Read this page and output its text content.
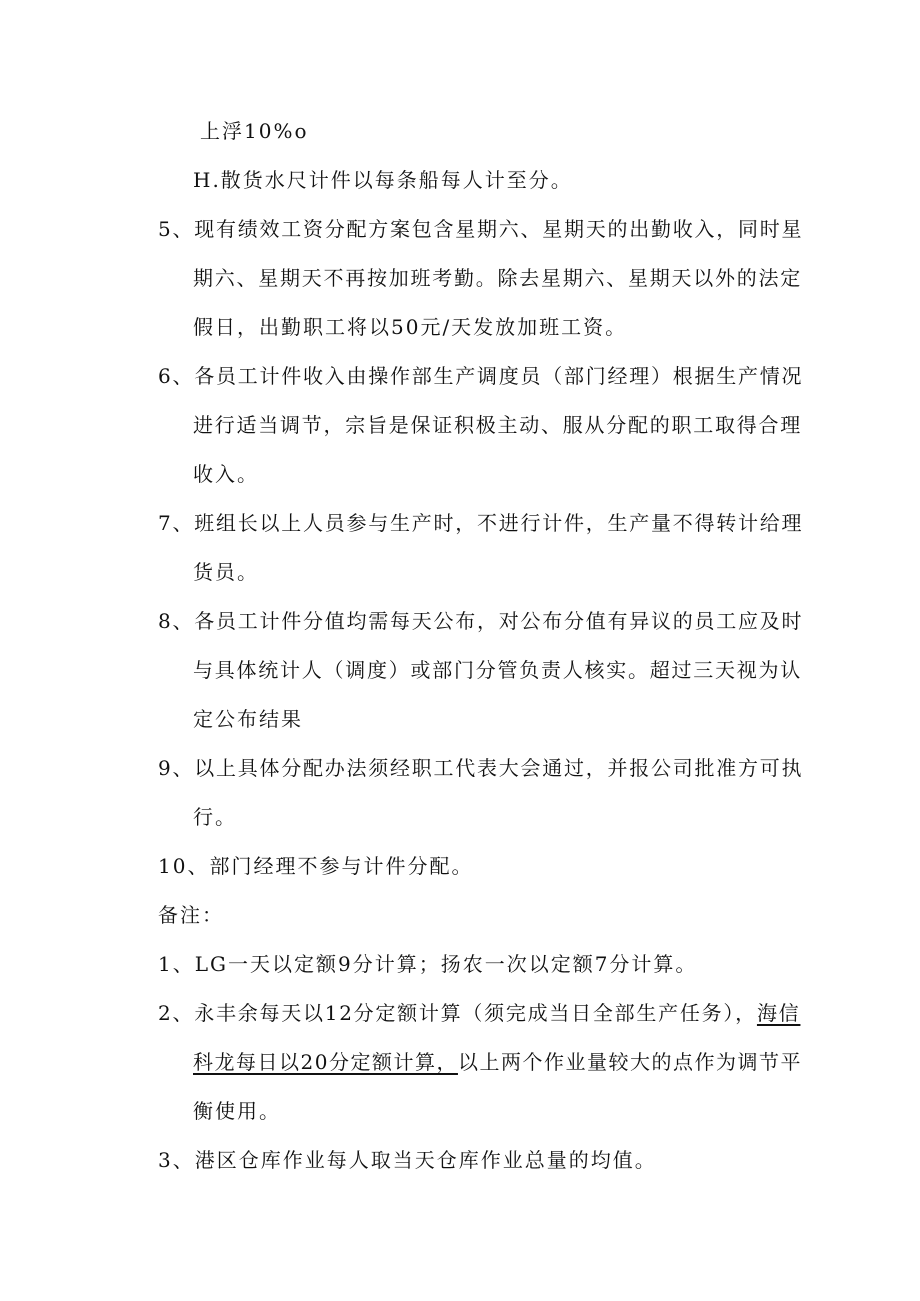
上浮10%o
H.散货水尺计件以每条船每人计至分。
5、现有绩效工资分配方案包含星期六、星期天的出勤收入，同时星
期六、星期天不再按加班考勤。除去星期六、星期天以外的法定
假日，出勤职工将以50元/天发放加班工资。
6、各员工计件收入由操作部生产调度员（部门经理）根据生产情况
进行适当调节，宗旨是保证积极主动、服从分配的职工取得合理
收入。
7、班组长以上人员参与生产时，不进行计件，生产量不得转计给理
货员。
8、各员工计件分值均需每天公布，对公布分值有异议的员工应及时
与具体统计人（调度）或部门分管负责人核实。超过三天视为认
定公布结果
9、以上具体分配办法须经职工代表大会通过，并报公司批准方可执
行。
10、部门经理不参与计件分配。
备注：
1、LG一天以定额9分计算；扬农一次以定额7分计算。
2、永丰余每天以12分定额计算（须完成当日全部生产任务），海信
科龙每日以20分定额计算，以上两个作业量较大的点作为调节平
衡使用。
3、港区仓库作业每人取当天仓库作业总量的均值。
